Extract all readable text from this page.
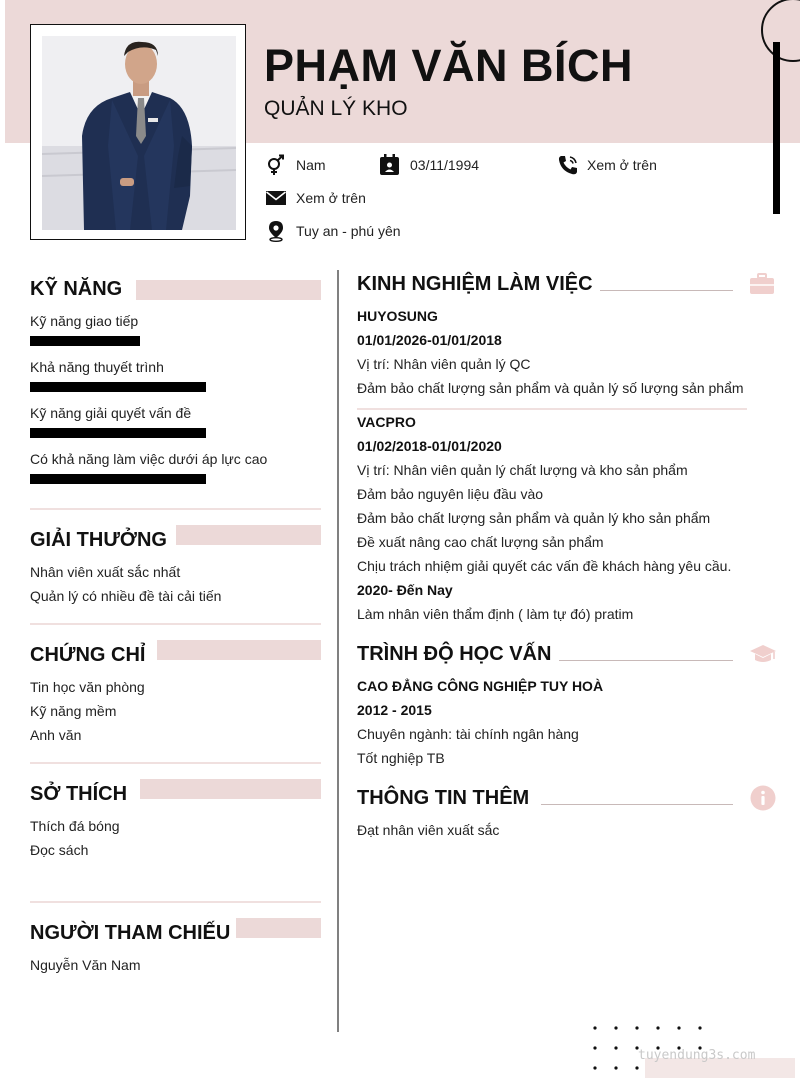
PHẠM VĂN BÍCH
QUẢN LÝ KHO
Nam	03/11/1994	Xem ở trên
Xem ở trên
Tuy an - phú yên
KỸ NĂNG
Kỹ năng giao tiếp
Khả năng thuyết trình
Kỹ năng giải quyết vấn đề
Có khả năng làm việc dưới áp lực cao
GIẢI THƯỞNG
Nhân viên xuất sắc nhất
Quản lý có nhiều đề tài cải tiến
CHỨNG CHỈ
Tin học văn phòng
Kỹ năng mềm
Anh văn
SỞ THÍCH
Thích đá bóng
Đọc sách
NGƯỜI THAM CHIẾU
Nguyễn Văn Nam
KINH NGHIỆM LÀM VIỆC
HUYOSUNG
01/01/2026-01/01/2018
Vị trí: Nhân viên quản lý QC
Đảm bảo chất lượng sản phẩm và quản lý số lượng sản phẩm
VACPRO
01/02/2018-01/01/2020
Vị trí: Nhân viên quản lý chất lượng và kho sản phẩm
Đảm bảo nguyên liệu đầu vào
Đảm bảo chất lượng sản phẩm và quản lý kho sản phẩm
Đề xuất nâng cao chất lượng sản phẩm
Chịu trách nhiệm giải quyết các vấn đề khách hàng yêu cầu.
2020- Đến Nay
Làm nhân viên thẩm định ( làm tự đó) pratim
TRÌNH ĐỘ HỌC VẤN
CAO ĐẲNG CÔNG NGHIỆP TUY HOÀ
2012 - 2015
Chuyên ngành: tài chính ngân hàng
Tốt nghiệp TB
THÔNG TIN THÊM
Đạt nhân viên xuất sắc
tuyendung3s.com
